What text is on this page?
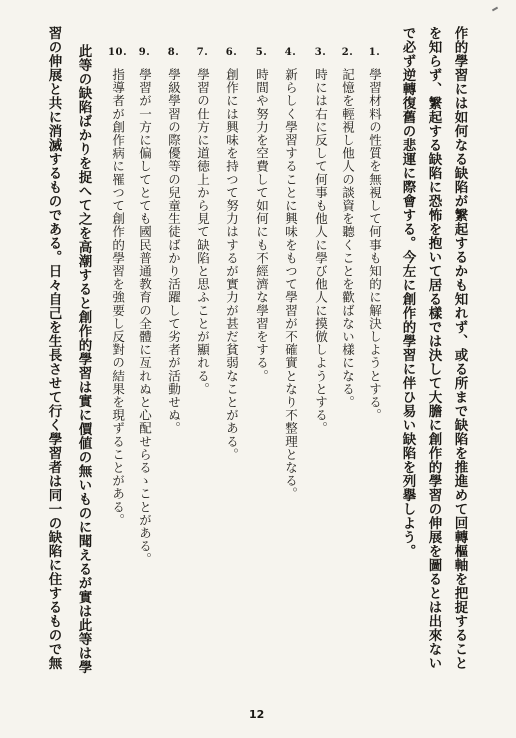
作的學習には如何なる缺陷が䌓起するかも知れず、或る所まで缺陷を推進めて回轉樞軸を把捉すること
を知らず、䌓起する缺陷に恐怖を抱いて居る樣では決して大膽に創作的學習の伸展を圖るとは出來ない
で必ず逆轉復舊の悲運に際會する。今左に創作的學習に伴ひ易い缺陷を列擧しよう。
1.學習材料の性質を無視して何事も知的に解決しようとする。
2.記憶を輕視し他人の談資を聽くことを歡ばない樣になる。
3.時には右に反して何事も他人に學び他人に摸倣しようとする。
4.新らしく學習することに興味をもつて學習が不確實となり不整理となる。
5.時間や努力を空費して如何にも不經濟な學習をする。
6.創作には興味を持つて努力はするが實力が甚だ貧弱なことがある。
7.學習の仕方に道徳上から見て缺陷と思ふことが顯れる。
8.學級學習の際優等の兒童生徒ばかり活躍して劣者が活動せぬ。
9.學習が一方に偏してとても國民普通教育の全體に亙れぬと心配せらるゝことがある。
10.指導者が創作病に罹つて創作的學習を強要し反對の結果を現ずることがある。
此等の缺陷ばかりを捉へて之を高潮すると創作的學習は實に價値の無いものに聞えるが實は此等は學
習の伸展と共に消滅するものである。日々自己を生長させて行く學習者は同一の缺陷に住するもので無
12
